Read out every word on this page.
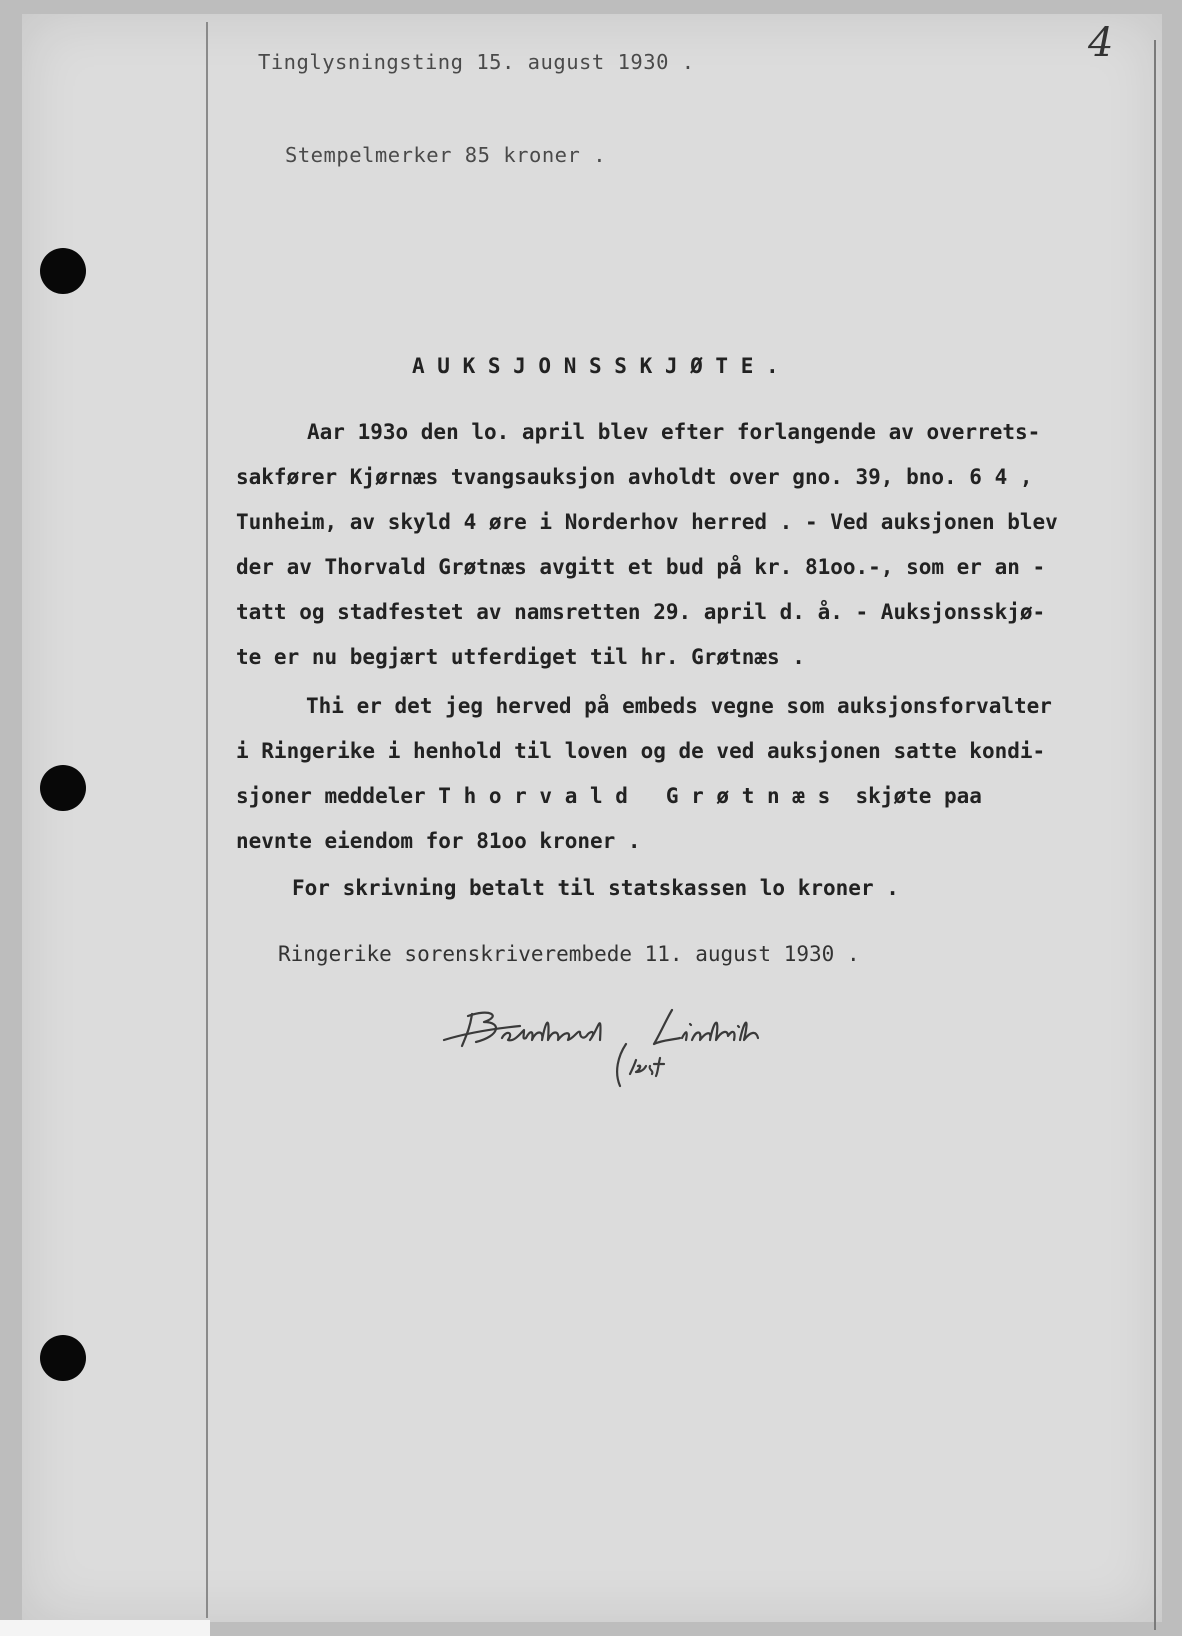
4
Tinglysningsting 15. august 1930 .
Stempelmerker 85 kroner .
A U K S J O N S S K J Ø T E .
Aar 193o den lo. april blev efter forlangende av overrets-
sakfører Kjørnæs tvangsauksjon avholdt over gno. 39, bno. 6 4 ,
Tunheim, av skyld 4 øre i Norderhov herred . - Ved auksjonen blev
der av Thorvald Grøtnæs avgitt et bud på kr. 81oo.-, som er an -
tatt og stadfestet av namsretten 29. april d. å. - Auksjonsskjø-
te er nu begjært utferdiget til hr. Grøtnæs .
Thi er det jeg herved på embeds vegne som auksjonsforvalter
i Ringerike i henhold til loven og de ved auksjonen satte kondi-
sjoner meddeler T h o r v a l d   G r ø t n æ s  skjøte paa
nevnte eiendom for 81oo kroner .
For skrivning betalt til statskassen lo kroner .
Ringerike sorenskriverembede 11. august 1930 .
